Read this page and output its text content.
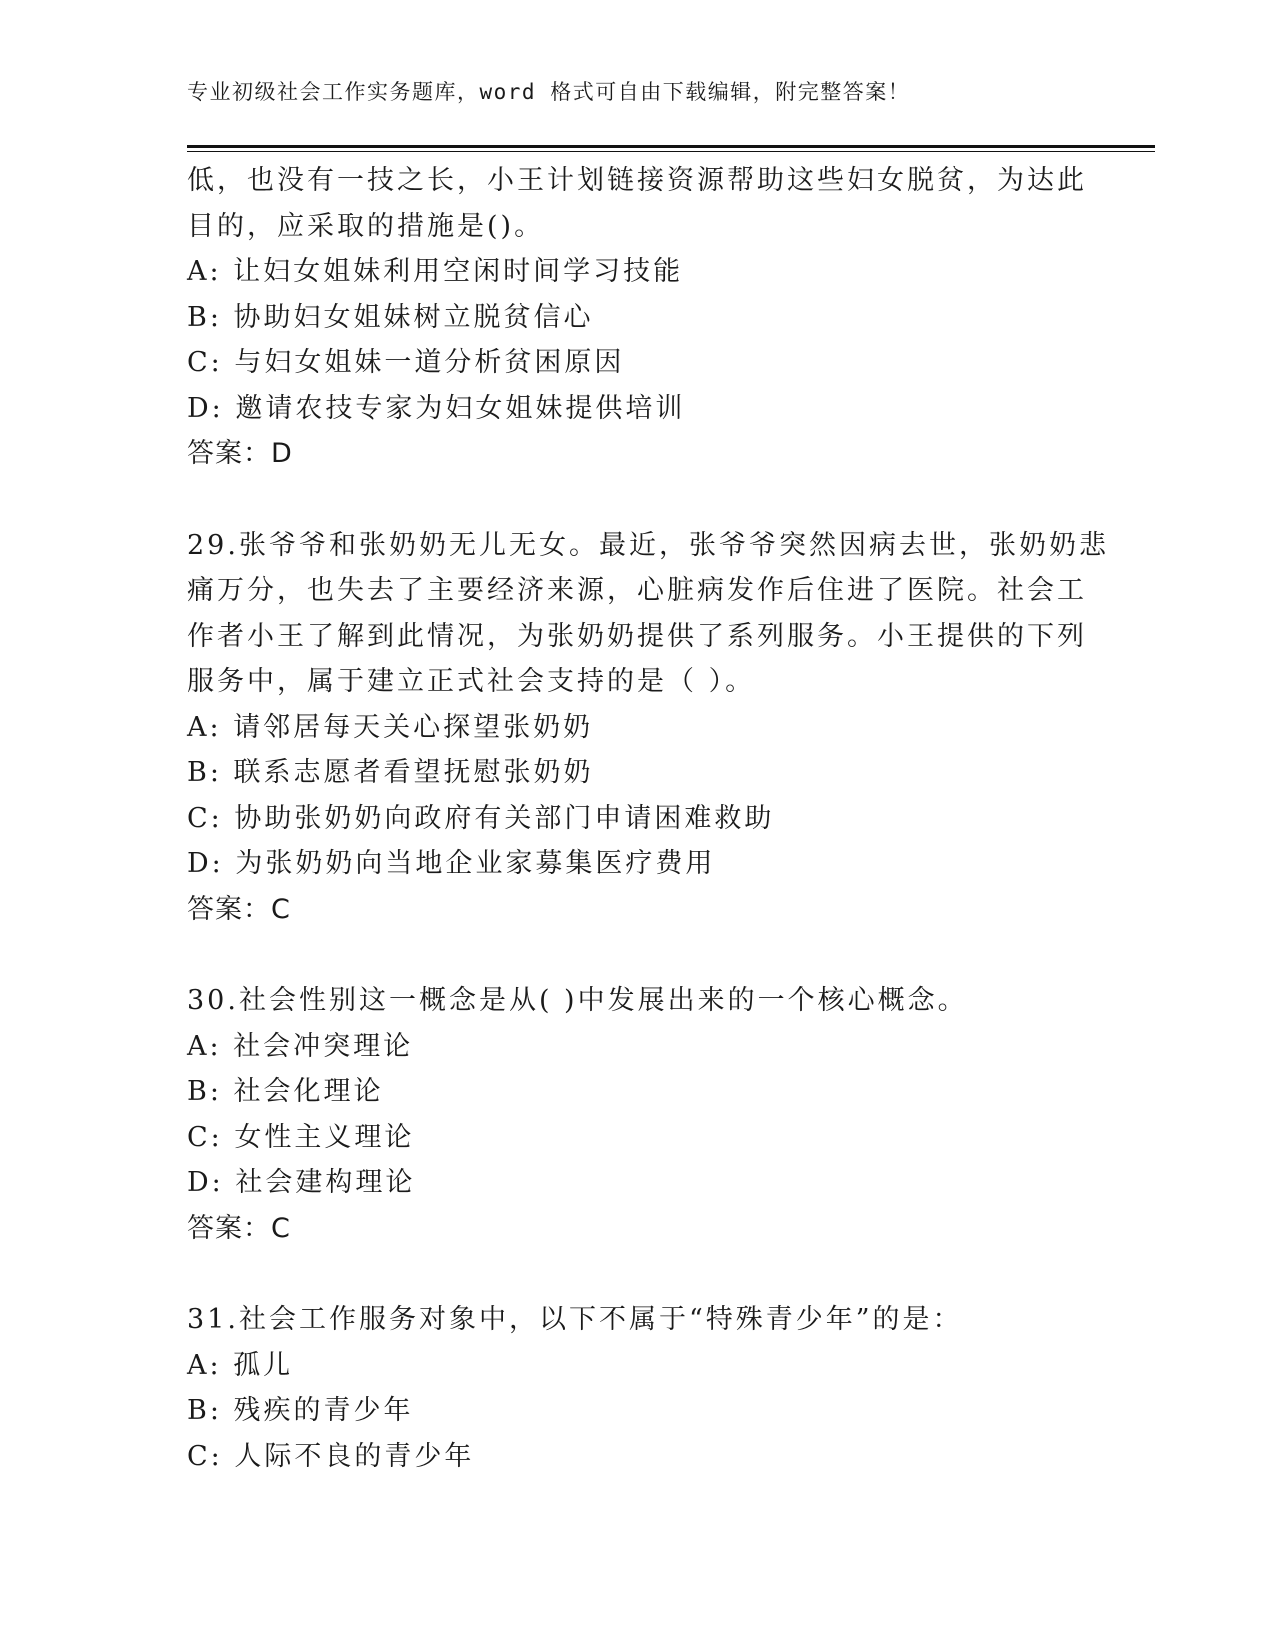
专业初级社会工作实务题库，word 格式可自由下载编辑，附完整答案！
低，也没有一技之长，小王计划链接资源帮助这些妇女脱贫，为达此
目的，应采取的措施是()。
A: 让妇女姐妹利用空闲时间学习技能
B: 协助妇女姐妹树立脱贫信心
C: 与妇女姐妹一道分析贫困原因
D: 邀请农技专家为妇女姐妹提供培训
答案：D
29.张爷爷和张奶奶无儿无女。最近，张爷爷突然因病去世，张奶奶悲
痛万分，也失去了主要经济来源，心脏病发作后住进了医院。社会工
作者小王了解到此情况，为张奶奶提供了系列服务。小王提供的下列
服务中，属于建立正式社会支持的是（ ）。
A: 请邻居每天关心探望张奶奶
B: 联系志愿者看望抚慰张奶奶
C: 协助张奶奶向政府有关部门申请困难救助
D: 为张奶奶向当地企业家募集医疗费用
答案：C
30.社会性别这一概念是从( )中发展出来的一个核心概念。
A: 社会冲突理论
B: 社会化理论
C: 女性主义理论
D: 社会建构理论
答案：C
31.社会工作服务对象中，以下不属于“特殊青少年”的是：
A: 孤儿
B: 残疾的青少年
C: 人际不良的青少年
